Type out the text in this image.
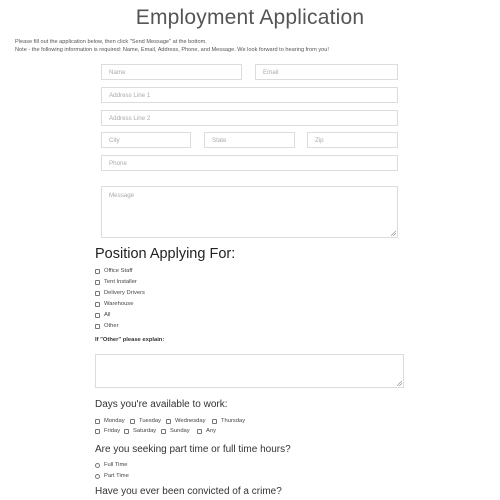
Employment Application
Please fill out the application below, then click "Send Message" at the bottom.
Note - the following information is required: Name, Email, Address, Phone, and Message. We look forward to hearing from you!
Name	Email
Address Line 1
Address Line 2
City	State	Zip
Phone
Message
Position Applying For:
Office Staff
Tent Installer
Delivery Drivers
Warehouse
All
Other
If "Other" please explain:
Days you're available to work:
Monday Tuesday Wednesday	Thursday
Friday Saturday Sunday	Any
Are you seeking part time or full time hours?
Full Time
Part Time
Have you ever been convicted of a crime?
